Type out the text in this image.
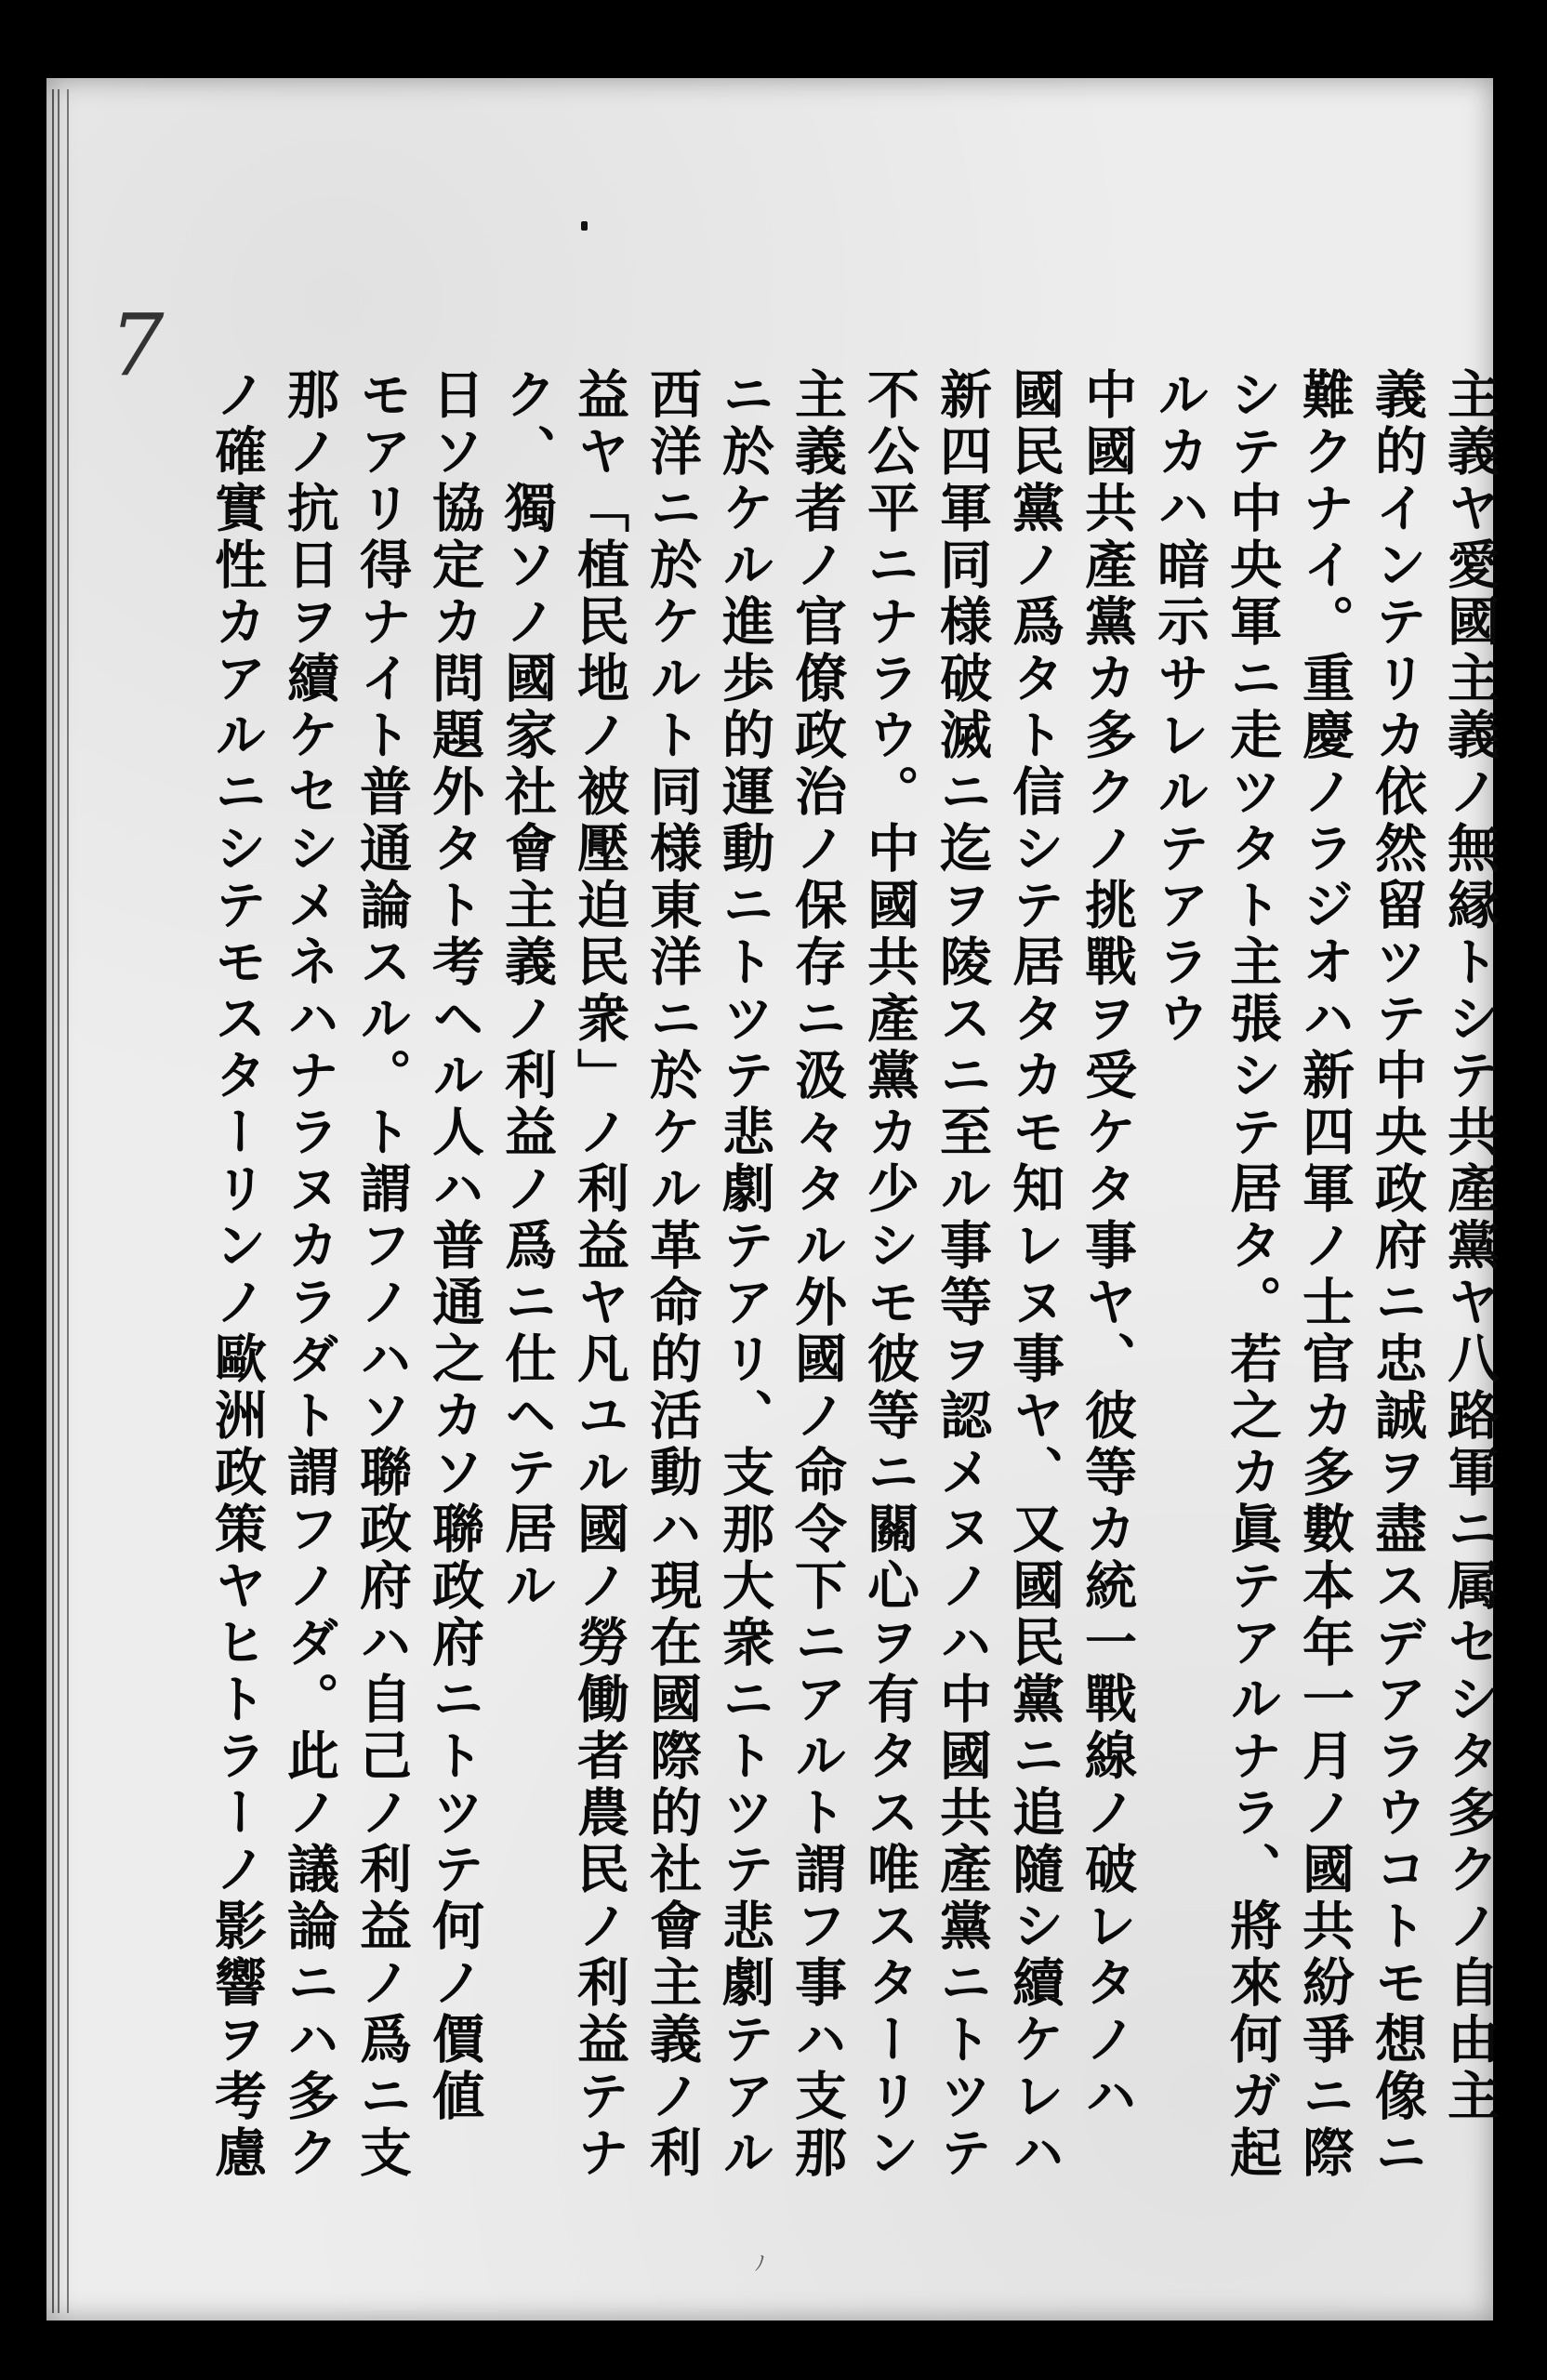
7
主義ヤ愛國主義ノ無縁トシテ共產黨ヤ八路軍ニ属セシタ多クノ自由主
義的インテリカ依然留ツテ中央政府ニ忠誠ヲ盡スデアラウコトモ想像ニ
難クナイ。重慶ノラジオハ新四軍ノ士官カ多數本年一月ノ國共紛爭ニ際
シテ中央軍ニ走ツタト主張シテ居タ。若之カ眞テアルナラ、將來何ガ起
ルカハ暗示サレルテアラウ
中國共產黨カ多クノ挑戰ヲ受ケタ事ヤ、彼等カ統一戰線ノ破レタノハ
國民黨ノ爲タト信シテ居タカモ知レヌ事ヤ、又國民黨ニ追隨シ續ケレハ
新四軍同様破滅ニ迄ヲ陵スニ至ル事等ヲ認メヌノハ中國共產黨ニトツテ
不公平ニナラウ。中國共產黨カ少シモ彼等ニ關心ヲ有タス唯スターリン
主義者ノ官僚政治ノ保存ニ汲々タル外國ノ命令下ニアルト謂フ事ハ支那
ニ於ケル進歩的運動ニトツテ悲劇テアリ、支那大衆ニトツテ悲劇テアル
西洋ニ於ケルト同様東洋ニ於ケル革命的活動ハ現在國際的社會主義ノ利
益ヤ「植民地ノ被壓迫民衆」ノ利益ヤ凡ユル國ノ勞働者農民ノ利益テナ
ク、獨ソノ國家社會主義ノ利益ノ爲ニ仕ヘテ居ル
日ソ協定カ問題外タト考ヘル人ハ普通之カソ聯政府ニトツテ何ノ價値
モアリ得ナイト普通論スル。ト謂フノハソ聯政府ハ自己ノ利益ノ爲ニ支
那ノ抗日ヲ續ケセシメネハナラヌカラダト謂フノダ。此ノ議論ニハ多ク
ノ確實性カアルニシテモスターリンノ歐洲政策ヤヒトラーノ影響ヲ考慮
ﾉ
